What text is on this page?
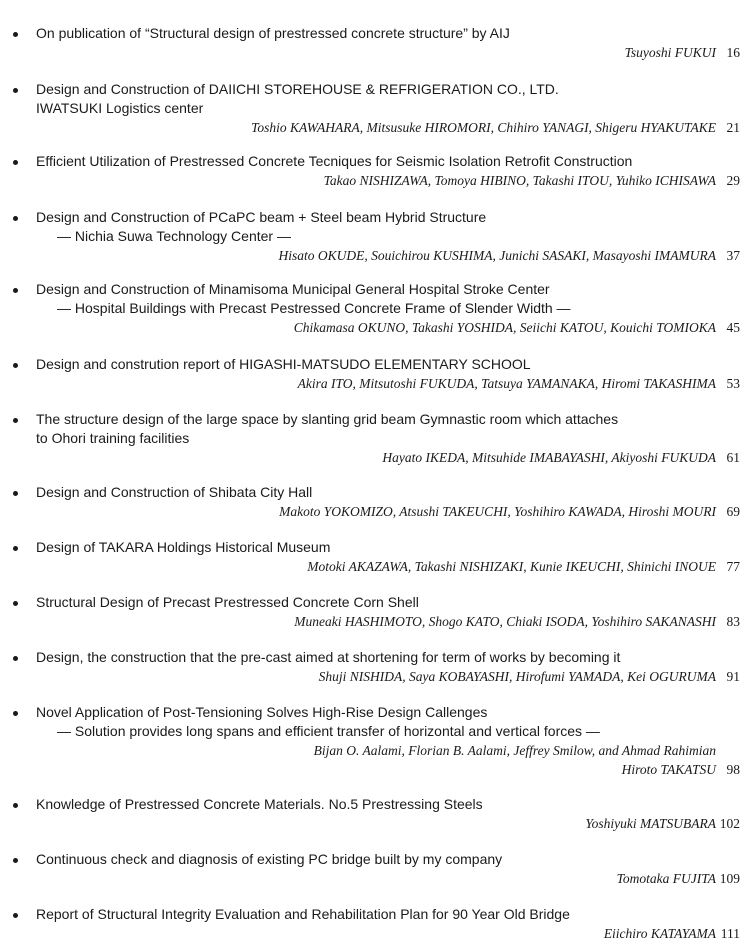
On publication of “Structural design of prestressed concrete structure” by AIJ
Tsuyoshi FUKUI 16
Design and Construction of DAIICHI STOREHOUSE & REFRIGERATION CO., LTD.
IWATSUKI Logistics center
Toshio KAWAHARA, Mitsusuke HIROMORI, Chihiro YANAGI, Shigeru HYAKUTAKE 21
Efficient Utilization of Prestressed Concrete Tecniques for Seismic Isolation Retrofit Construction
Takao NISHIZAWA, Tomoya HIBINO, Takashi ITOU, Yuhiko ICHISAWA 29
Design and Construction of PCaPC beam + Steel beam Hybrid Structure
— Nichia Suwa Technology Center —
Hisato OKUDE, Souichirou KUSHIMA, Junichi SASAKI, Masayoshi IMAMURA 37
Design and Construction of Minamisoma Municipal General Hospital Stroke Center
— Hospital Buildings with Precast Pestressed Concrete Frame of Slender Width —
Chikamasa OKUNO, Takashi YOSHIDA, Seiichi KATOU, Kouichi TOMIOKA 45
Design and constrution report of HIGASHI-MATSUDO ELEMENTARY SCHOOL
Akira ITO, Mitsutoshi FUKUDA, Tatsuya YAMANAKA, Hiromi TAKASHIMA 53
The structure design of the large space by slanting grid beam Gymnastic room which attaches
to Ohori training facilities
Hayato IKEDA, Mitsuhide IMABAYASHI, Akiyoshi FUKUDA 61
Design and Construction of Shibata City Hall
Makoto YOKOMIZO, Atsushi TAKEUCHI, Yoshihiro KAWADA, Hiroshi MOURI 69
Design of TAKARA Holdings Historical Museum
Motoki AKAZAWA, Takashi NISHIZAKI, Kunie IKEUCHI, Shinichi INOUE 77
Structural Design of Precast Prestressed Concrete Corn Shell
Muneaki HASHIMOTO, Shogo KATO, Chiaki ISODA, Yoshihiro SAKANASHI 83
Design, the construction that the pre-cast aimed at shortening for term of works by becoming it
Shuji NISHIDA, Saya KOBAYASHI, Hirofumi YAMADA, Kei OGURUMA 91
Novel Application of Post-Tensioning Solves High-Rise Design Callenges
— Solution provides long spans and efficient transfer of horizontal and vertical forces —
Bijan O. Aalami, Florian B. Aalami, Jeffrey Smilow, and Ahmad Rahimian
Hiroto TAKATSU 98
Knowledge of Prestressed Concrete Materials. No.5 Prestressing Steels
Yoshiyuki MATSUBARA 102
Continuous check and diagnosis of existing PC bridge built by my company
Tomotaka FUJITA 109
Report of Structural Integrity Evaluation and Rehabilitation Plan for 90 Year Old Bridge
Eiichiro KATAYAMA 111
